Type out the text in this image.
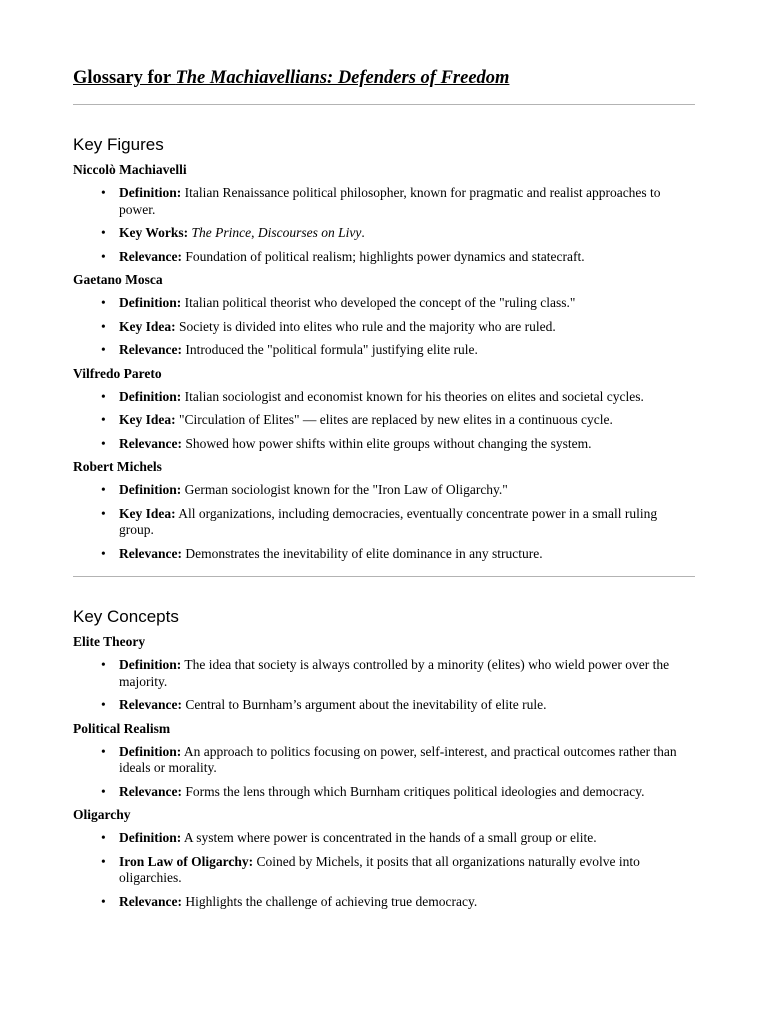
Glossary for The Machiavellians: Defenders of Freedom
Key Figures
Niccolò Machiavelli
• Definition: Italian Renaissance political philosopher, known for pragmatic and realist approaches to power.
• Key Works: The Prince, Discourses on Livy.
• Relevance: Foundation of political realism; highlights power dynamics and statecraft.
Gaetano Mosca
• Definition: Italian political theorist who developed the concept of the "ruling class."
• Key Idea: Society is divided into elites who rule and the majority who are ruled.
• Relevance: Introduced the "political formula" justifying elite rule.
Vilfredo Pareto
• Definition: Italian sociologist and economist known for his theories on elites and societal cycles.
• Key Idea: "Circulation of Elites" — elites are replaced by new elites in a continuous cycle.
• Relevance: Showed how power shifts within elite groups without changing the system.
Robert Michels
• Definition: German sociologist known for the "Iron Law of Oligarchy."
• Key Idea: All organizations, including democracies, eventually concentrate power in a small ruling group.
• Relevance: Demonstrates the inevitability of elite dominance in any structure.
Key Concepts
Elite Theory
• Definition: The idea that society is always controlled by a minority (elites) who wield power over the majority.
• Relevance: Central to Burnham’s argument about the inevitability of elite rule.
Political Realism
• Definition: An approach to politics focusing on power, self-interest, and practical outcomes rather than ideals or morality.
• Relevance: Forms the lens through which Burnham critiques political ideologies and democracy.
Oligarchy
• Definition: A system where power is concentrated in the hands of a small group or elite.
• Iron Law of Oligarchy: Coined by Michels, it posits that all organizations naturally evolve into oligarchies.
• Relevance: Highlights the challenge of achieving true democracy.
